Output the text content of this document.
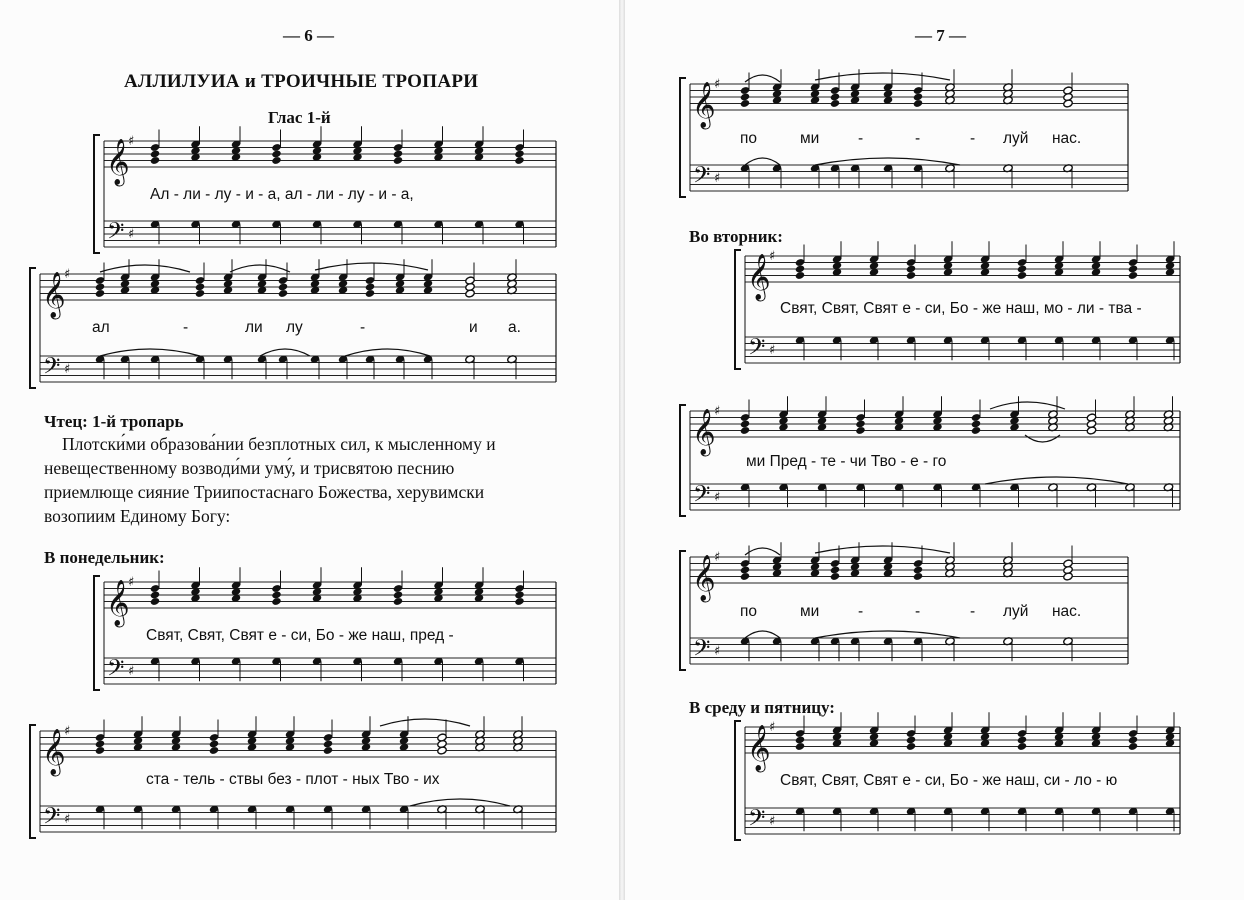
— 6 —
АЛЛИЛУИА и ТРОИЧНЫЕ ТРОПАРИ
Глас 1-й
Ал - ли - лу - и - а, ал - ли - лу - и - а,
ал	-	ли лу	-	и а.
Чтец: 1-й тропарь
Плотски́ми образова́нии безплотных сил, к мысленному и
невещественному возводи́ми уму́, и трисвятою песнию
приемлюще сияние Триипостаснаго Божества, херувимски
возопиим Единому Богу:
В понедельник:
Свят, Свят, Свят е - си, Бо - же наш, пред -
ста - тель - ствы без - плот - ных Тво - их
— 7 —
по	ми -	-	- луй нас.
Во вторник:
Свят, Свят, Свят е - си, Бо - же наш, мо - ли - тва -
ми Пред - те - чи Тво - е - го
по	ми -	-	- луй нас.
В среду и пятницу:
Свят, Свят, Свят е - си, Бо - же наш, си - ло - ю
𝄞
♯
𝄢 ♯
𝄞
♯
𝄢 ♯
𝄞
♯
𝄢 ♯
𝄞
♯
𝄢 ♯
𝄞
♯
𝄢 ♯
𝄞
♯
𝄢 ♯
𝄞
♯
𝄢 ♯
𝄞
♯
𝄢 ♯
𝄞
♯
𝄢 ♯
